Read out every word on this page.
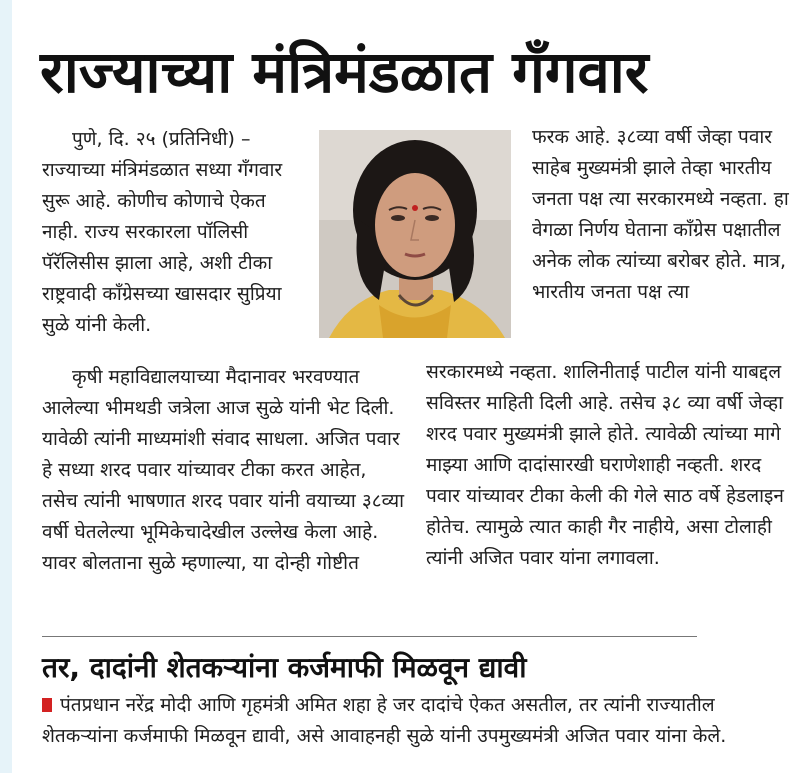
राज्याच्या मंत्रिमंडळात गँगवार

पुणे, दि. २५ (प्रतिनिधी) – राज्याच्या मंत्रिमंडळात सध्या गँगवार सुरू आहे. कोणीच कोणाचे ऐकत नाही. राज्य सरकारला पॉलिसी पॅरॅलिसीस झाला आहे, अशी टीका राष्ट्रवादी काँग्रेसच्या खासदार सुप्रिया सुळे यांनी केली.

फरक आहे. ३८व्या वर्षी जेव्हा पवार साहेब मुख्यमंत्री झाले तेव्हा भारतीय जनता पक्ष त्या सरकारमध्ये नव्हता. हा वेगळा निर्णय घेताना काँग्रेस पक्षातील अनेक लोक त्यांच्या बरोबर होते. मात्र, भारतीय जनता पक्ष त्या

कृषी महाविद्यालयाच्या मैदानावर भरवण्यात आलेल्या भीमथडी जत्रेला आज सुळे यांनी भेट दिली. यावेळी त्यांनी माध्यमांशी संवाद साधला. अजित पवार हे सध्या शरद पवार यांच्यावर टीका करत आहेत, तसेच त्यांनी भाषणात शरद पवार यांनी वयाच्या ३८व्या वर्षी घेतलेल्या भूमिकेचादेखील उल्लेख केला आहे. यावर बोलताना सुळे म्हणाल्या, या दोन्ही गोष्टीत

सरकारमध्ये नव्हता. शालिनीताई पाटील यांनी याबद्दल सविस्तर माहिती दिली आहे. तसेच ३८ व्या वर्षी जेव्हा शरद पवार मुख्यमंत्री झाले होते. त्यावेळी त्यांच्या मागे माझ्या आणि दादांसारखी घराणेशाही नव्हती. शरद पवार यांच्यावर टीका केली की गेले साठ वर्षे हेडलाइन होतेच. त्यामुळे त्यात काही गैर नाहीये, असा टोलाही त्यांनी अजित पवार यांना लगावला.

तर, दादांनी शेतकऱ्यांना कर्जमाफी मिळवून द्यावी

पंतप्रधान नरेंद्र मोदी आणि गृहमंत्री अमित शहा हे जर दादांचे ऐकत असतील, तर त्यांनी राज्यातील शेतकऱ्यांना कर्जमाफी मिळवून द्यावी, असे आवाहनही सुळे यांनी उपमुख्यमंत्री अजित पवार यांना केले.
